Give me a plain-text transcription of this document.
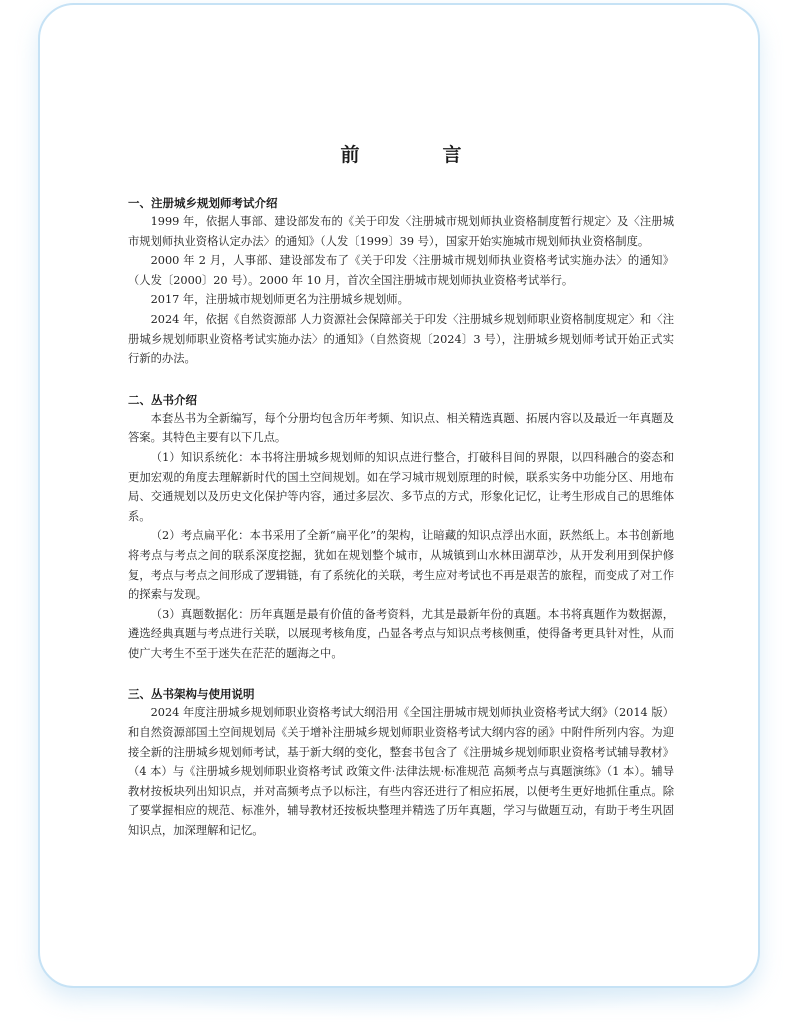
前　言
一、注册城乡规划师考试介绍

1999 年，依据人事部、建设部发布的《关于印发〈注册城市规划师执业资格制度暂行规定〉及〈注册城市规划师执业资格认定办法〉的通知》（人发〔1999〕39 号），国家开始实施城市规划师执业资格制度。

2000 年 2 月，人事部、建设部发布了《关于印发〈注册城市规划师执业资格考试实施办法〉的通知》（人发〔2000〕20 号）。2000 年 10 月，首次全国注册城市规划师执业资格考试举行。

2017 年，注册城市规划师更名为注册城乡规划师。

2024 年，依据《自然资源部 人力资源社会保障部关于印发〈注册城乡规划师职业资格制度规定〉和〈注册城乡规划师职业资格考试实施办法〉的通知》（自然资规〔2024〕3 号），注册城乡规划师考试开始正式实行新的办法。

二、丛书介绍

本套丛书为全新编写，每个分册均包含历年考频、知识点、相关精选真题、拓展内容以及最近一年真题及答案。其特色主要有以下几点。

（1）知识系统化：本书将注册城乡规划师的知识点进行整合，打破科目间的界限，以四科融合的姿态和更加宏观的角度去理解新时代的国土空间规划。如在学习城市规划原理的时候，联系实务中功能分区、用地布局、交通规划以及历史文化保护等内容，通过多层次、多节点的方式，形象化记忆，让考生形成自己的思维体系。

（2）考点扁平化：本书采用了全新“扁平化”的架构，让暗藏的知识点浮出水面，跃然纸上。本书创新地将考点与考点之间的联系深度挖掘，犹如在规划整个城市，从城镇到山水林田湖草沙，从开发利用到保护修复，考点与考点之间形成了逻辑链，有了系统化的关联，考生应对考试也不再是艰苦的旅程，而变成了对工作的探索与发现。

（3）真题数据化：历年真题是最有价值的备考资料，尤其是最新年份的真题。本书将真题作为数据源，遴选经典真题与考点进行关联，以展现考核角度，凸显各考点与知识点考核侧重，使得备考更具针对性，从而使广大考生不至于迷失在茫茫的题海之中。

三、丛书架构与使用说明

2024 年度注册城乡规划师职业资格考试大纲沿用《全国注册城市规划师执业资格考试大纲》（2014 版）和自然资源部国土空间规划局《关于增补注册城乡规划师职业资格考试大纲内容的函》中附件所列内容。为迎接全新的注册城乡规划师考试，基于新大纲的变化，整套书包含了《注册城乡规划师职业资格考试辅导教材》（4 本）与《注册城乡规划师职业资格考试 政策文件·法律法规·标准规范 高频考点与真题演练》（1 本）。辅导教材按板块列出知识点，并对高频考点予以标注，有些内容还进行了相应拓展，以便考生更好地抓住重点。除了要掌握相应的规范、标准外，辅导教材还按板块整理并精选了历年真题，学习与做题互动，有助于考生巩固知识点，加深理解和记忆。
